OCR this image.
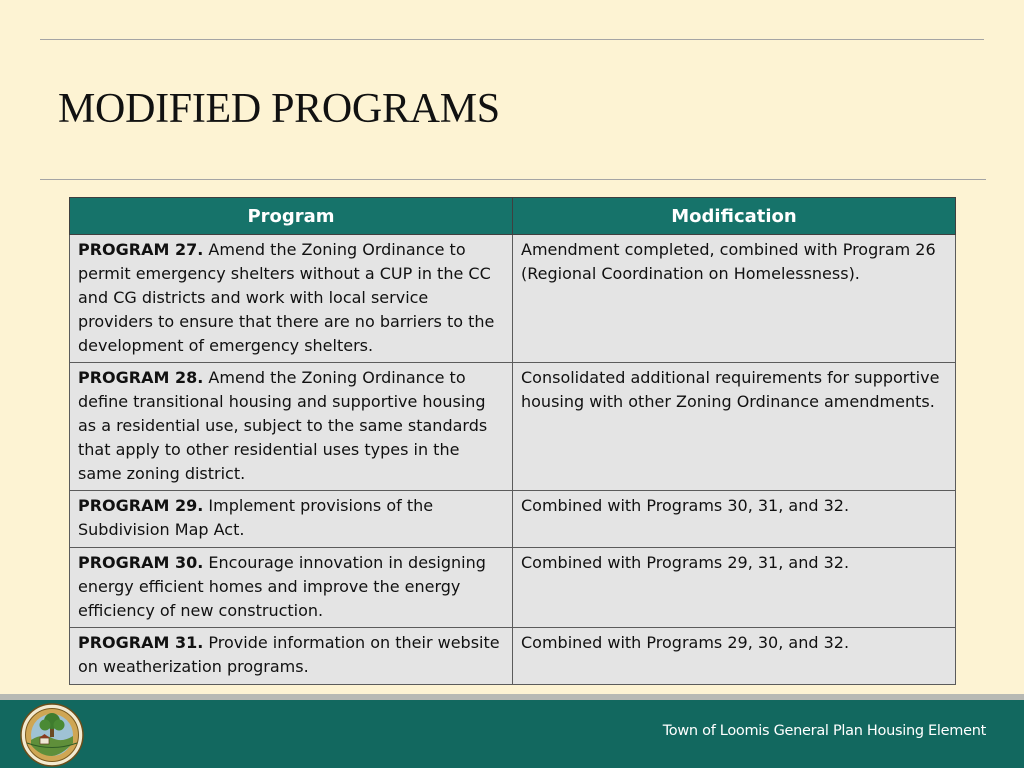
MODIFIED PROGRAMS
Program	Modification
PROGRAM 27. Amend the Zoning Ordinance to permit emergency shelters without a CUP in the CC and CG districts and work with local service providers to ensure that there are no barriers to the development of emergency shelters.	Amendment completed, combined with Program 26 (Regional Coordination on Homelessness).
PROGRAM 28. Amend the Zoning Ordinance to define transitional housing and supportive housing as a residential use, subject to the same standards that apply to other residential uses types in the same zoning district.	Consolidated additional requirements for supportive housing with other Zoning Ordinance amendments.
PROGRAM 29. Implement provisions of the Subdivision Map Act.	Combined with Programs 30, 31, and 32.
PROGRAM 30. Encourage innovation in designing energy efficient homes and improve the energy efficiency of new construction.	Combined with Programs 29, 31, and 32.
PROGRAM 31. Provide information on their website on weatherization programs.	Combined with Programs 29, 30, and 32.
Town of Loomis General Plan Housing Element
